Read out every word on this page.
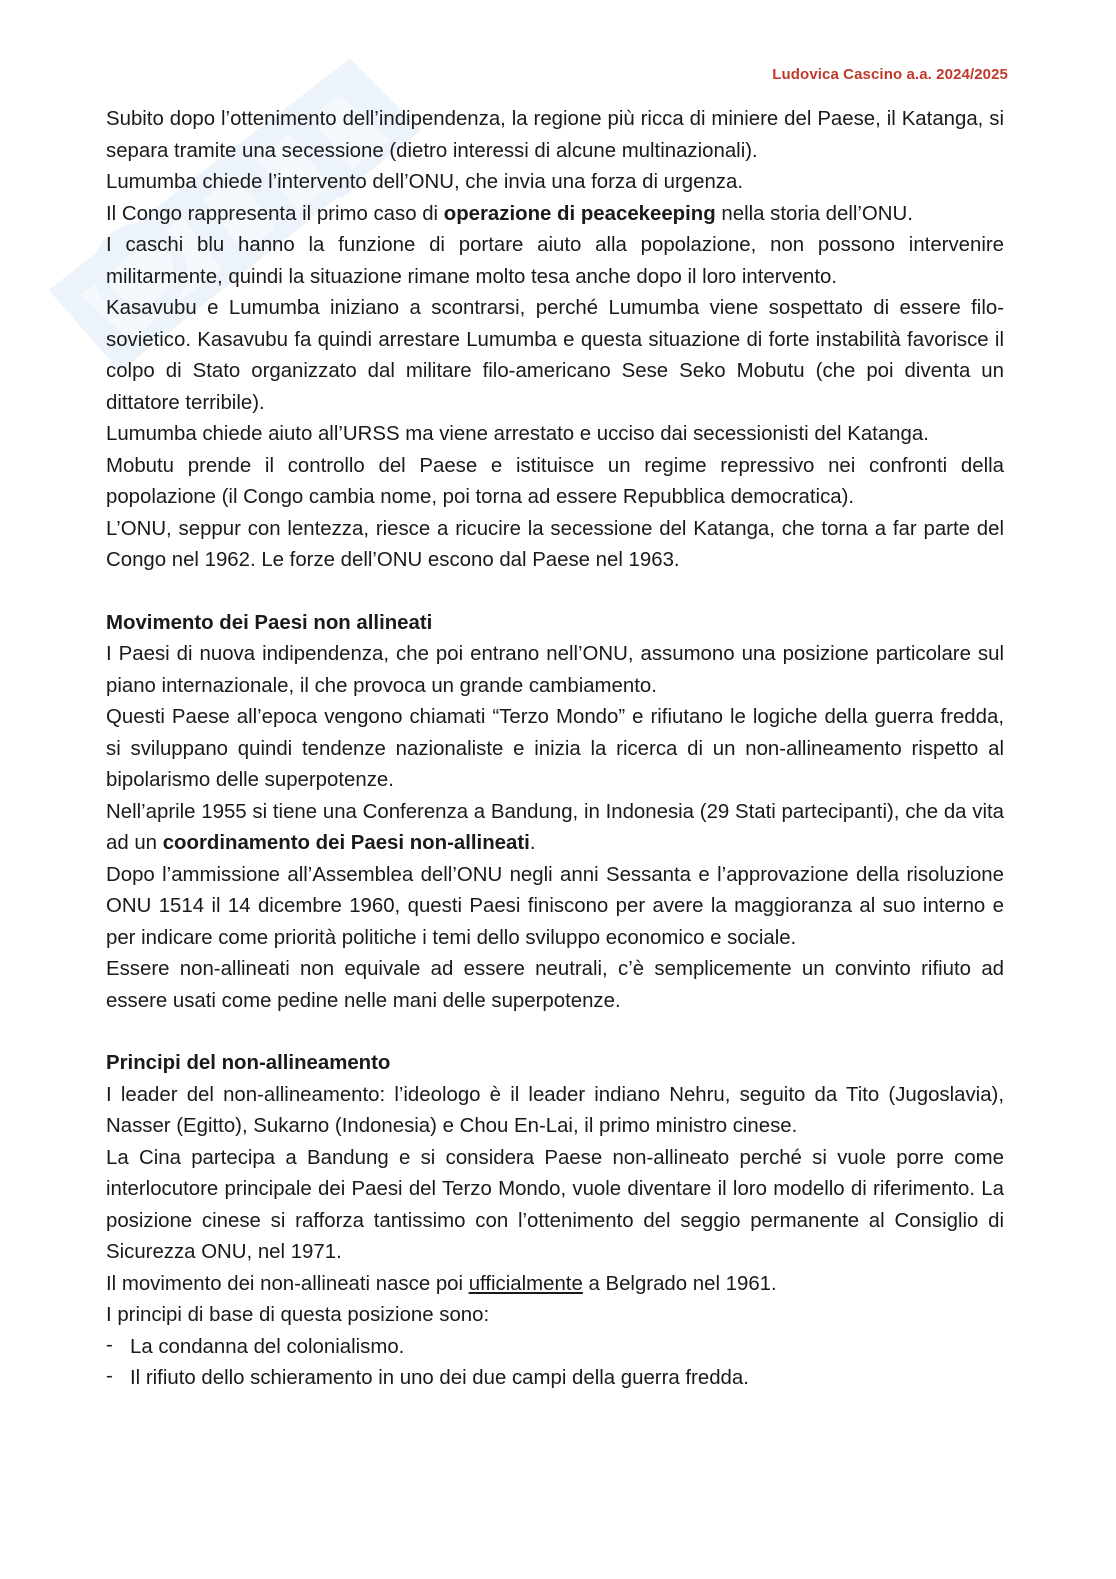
Ludovica Cascino a.a. 2024/2025

Subito dopo l’ottenimento dell’indipendenza, la regione più ricca di miniere del Paese, il Katanga, si separa tramite una secessione (dietro interessi di alcune multinazionali).

Lumumba chiede l’intervento dell’ONU, che invia una forza di urgenza.

Il Congo rappresenta il primo caso di operazione di peacekeeping nella storia dell’ONU.

I caschi blu hanno la funzione di portare aiuto alla popolazione, non possono intervenire militarmente, quindi la situazione rimane molto tesa anche dopo il loro intervento.

Kasavubu e Lumumba iniziano a scontrarsi, perché Lumumba viene sospettato di essere filo-sovietico. Kasavubu fa quindi arrestare Lumumba e questa situazione di forte instabilità favorisce il colpo di Stato organizzato dal militare filo-americano Sese Seko Mobutu (che poi diventa un dittatore terribile).

Lumumba chiede aiuto all’URSS ma viene arrestato e ucciso dai secessionisti del Katanga.

Mobutu prende il controllo del Paese e istituisce un regime repressivo nei confronti della popolazione (il Congo cambia nome, poi torna ad essere Repubblica democratica).

L’ONU, seppur con lentezza, riesce a ricucire la secessione del Katanga, che torna a far parte del Congo nel 1962. Le forze dell’ONU escono dal Paese nel 1963.

Movimento dei Paesi non allineati

I Paesi di nuova indipendenza, che poi entrano nell’ONU, assumono una posizione particolare sul piano internazionale, il che provoca un grande cambiamento.

Questi Paese all’epoca vengono chiamati “Terzo Mondo” e rifiutano le logiche della guerra fredda, si sviluppano quindi tendenze nazionaliste e inizia la ricerca di un non-allineamento rispetto al bipolarismo delle superpotenze.

Nell’aprile 1955 si tiene una Conferenza a Bandung, in Indonesia (29 Stati partecipanti), che da vita ad un coordinamento dei Paesi non-allineati.

Dopo l’ammissione all’Assemblea dell’ONU negli anni Sessanta e l’approvazione della risoluzione ONU 1514 il 14 dicembre 1960, questi Paesi finiscono per avere la maggioranza al suo interno e per indicare come priorità politiche i temi dello sviluppo economico e sociale.

Essere non-allineati non equivale ad essere neutrali, c’è semplicemente un convinto rifiuto ad essere usati come pedine nelle mani delle superpotenze.

Principi del non-allineamento

I leader del non-allineamento: l’ideologo è il leader indiano Nehru, seguito da Tito (Jugoslavia), Nasser (Egitto), Sukarno (Indonesia) e Chou En-Lai, il primo ministro cinese.

La Cina partecipa a Bandung e si considera Paese non-allineato perché si vuole porre come interlocutore principale dei Paesi del Terzo Mondo, vuole diventare il loro modello di riferimento. La posizione cinese si rafforza tantissimo con l’ottenimento del seggio permanente al Consiglio di Sicurezza ONU, nel 1971.

Il movimento dei non-allineati nasce poi ufficialmente a Belgrado nel 1961.

I principi di base di questa posizione sono:

- La condanna del colonialismo.

- Il rifiuto dello schieramento in uno dei due campi della guerra fredda.
